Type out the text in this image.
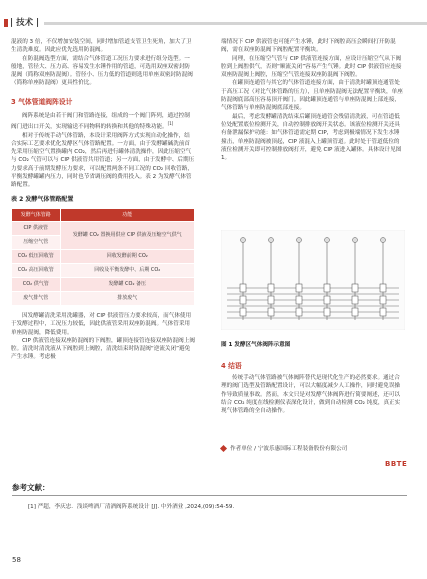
| 技术 |

混液的 3 倍，不仅增加安装空间，同时增加管道支管卫生死角，加大了卫生清洗难度。因此应优先选用防混阀。

在防混阀选型方面，需结合气体管道工况压力要求进行组分选型。一般地，管径大、压力高、容易发生水锤作用的管道，可选用双座双密封防混阀（简称双座防混阀）。管径小、压力低的管道则选用单座双密封防混阀（简称单座防混阀）更具性价比。

3 气体管道阀阵设计

阀阵系统是由若干阀门和管路连接，组成的一个阀门阵列，通过控制阀门进出口开关，实现输送不同物料的转换和其他的特殊功能。[1]

相对于传统手动气体管路，本设计采用阀阵方式实现自动化操作，结合实际工艺要求优化发酵区气体管路配置。一方面，由于发酵罐碱洗前首先采用压缩空气置换罐内 CO₂，然后再进行罐体清洗操作，因此压缩空气与 CO₂ 气管可以与 CIP 供液管共用管道；另一方面，由于发酵中、后期压力要求高于前期发酵压力要求，可以配置两条不同工况的 CO₂ 回收管路，平衡发酵罐罐内压力，同时也节省调压阀的费用投入。表 2 为发酵气体管路配置。

表 2 发酵气体管路配置
发酵气体管路	功能
CIP 供液管	发酵罐 CO₂ 置换用供应 CIP 供液及压缩空气供气
压缩空气管	
CO₂ 低压回收管	回收发酵前期 CO₂
CO₂ 高压回收管	回收及平衡发酵中、后期 CO₂
CO₂ 供气管	发酵罐 CO₂ 备压
废气排气管	排放废气

因发酵罐清洗采用洗罐器，对 CIP 供液管压力要求较高，而气体使用于发酵过程中，工况压力较低，因此供液管采用双座防混阀。气体管采用单座防混阀，降低费用。

CIP 供液管连接双座防混阀的下阀腔，罐顶连接管连接双座防混阀上阀腔。清洗时清洗液从下阀腔到上阀腔，清洗结束时防混阀“逆流关闭”避免产生水锤。考虑极

端情况下 CIP 供液管也可能产生水锤，此时下阀腔高压会瞬间打开防混阀，需在双座防混阀下阀腔配置平衡块。

同理，在压缩空气管与 CIP 供液管连接方面，应设计压缩空气从下阀腔到上阀腔供气，否则“顺流关闭”容易产生气锤。此时 CIP 供液管应连接双座防混阀上阀腔，压缩空气管连接双座防混阀下阀腔。

在罐顶连通管与其它的气体管道连接方面，由于清洗时罐顶连通管处于高压工况（对比气体管路的压力），且单座防混阀无法配置平衡块，单座防混阀底部高压容易顶开阀门。因此罐顶连通管与单座防混阀上部连接，气体管路与单座防混阀底部连接。

最后，考虑发酵罐清洗结束后罐顶连通管会残留清洗液，可在管道低位处配置底位检测开关，自动控制排放阀开关状态。该液位检测开关还具有备泄漏保护功能：如气体管道需定期 CIP，考虑到极端情况下发生水锤撞击，单座防混阀被顶起，CIP 液混入上罐顶管道。此时处于管道低位的液位检测开关即可控制排放阀打开，避免 CIP 液进入罐体。具体设计见图 1。

图 1 发酵区气体阀阵示意图
4 结语

传统手动气体管路被气体阀阵替代是现代化生产的必然要求。通过合理的阀门选型及管路配置设计，可以大幅度减少人工操作，同时避免误操作导致质量事故。然而，本文只是对发酵气体阀阵进行简要阐述，还可以结合 CO₂ 纯度在线检测仪表深化设计，做到自动检测 CO₂ 纯度，真正实现气体管路的全自动操作。

作者单位 / 宁波乐惠国际工程装备股份有限公司
BBTE
参考文献：
[1] 严超，李庆忠．浅谈啤酒厂清酒阀阵系统设计 [J]. 中外酒业 ,2024,(09):54-59.
58
